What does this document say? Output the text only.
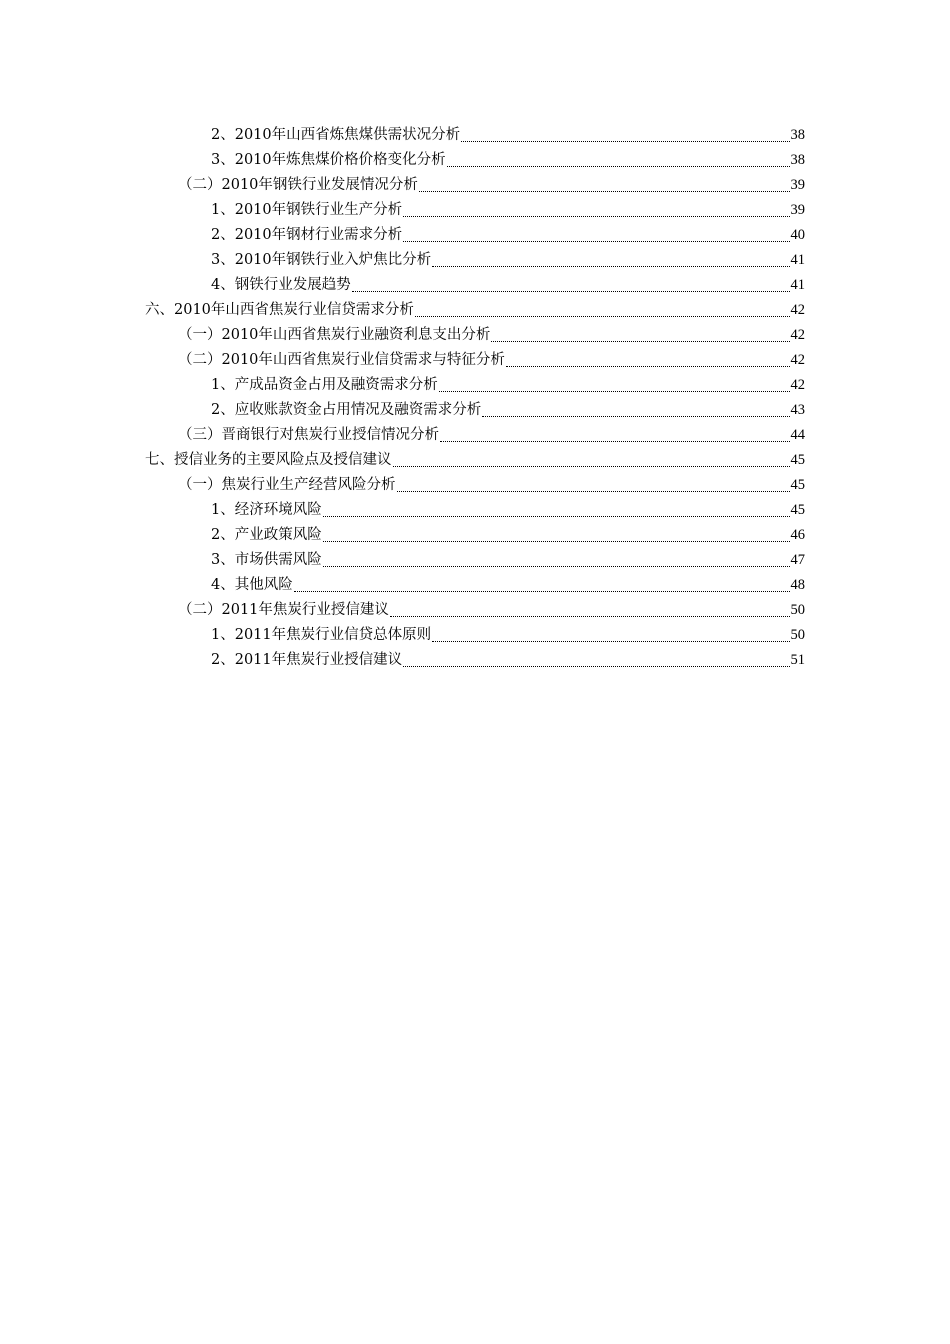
2、2010年山西省炼焦煤供需状况分析	38
3、2010年炼焦煤价格价格变化分析	38
（二）2010年钢铁行业发展情况分析	39
1、2010年钢铁行业生产分析	39
2、2010年钢材行业需求分析	40
3、2010年钢铁行业入炉焦比分析	41
4、钢铁行业发展趋势	41
六、2010年山西省焦炭行业信贷需求分析	42
（一）2010年山西省焦炭行业融资利息支出分析	42
（二）2010年山西省焦炭行业信贷需求与特征分析	42
1、产成品资金占用及融资需求分析	42
2、应收账款资金占用情况及融资需求分析	43
（三）晋商银行对焦炭行业授信情况分析	44
七、授信业务的主要风险点及授信建议	45
（一）焦炭行业生产经营风险分析	45
1、经济环境风险	45
2、产业政策风险	46
3、市场供需风险	47
4、其他风险	48
（二）2011年焦炭行业授信建议	50
1、2011年焦炭行业信贷总体原则	50
2、2011年焦炭行业授信建议	51
